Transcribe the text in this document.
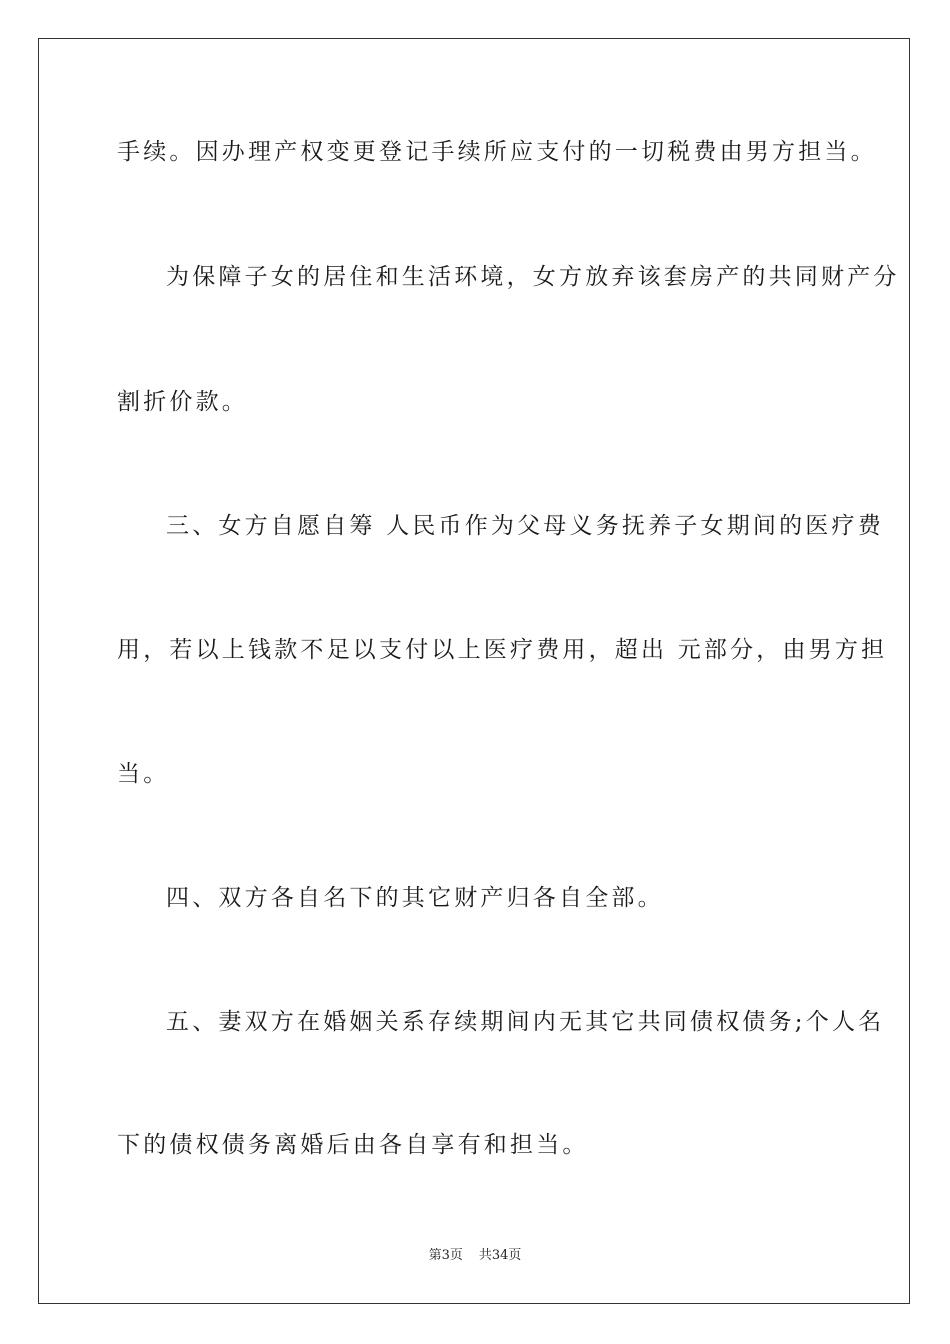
手续。因办理产权变更登记手续所应支付的一切税费由男方担当。
为保障子女的居住和生活环境，女方放弃该套房产的共同财产分
割折价款。
三、女方自愿自筹 人民币作为父母义务抚养子女期间的医疗费
用，若以上钱款不足以支付以上医疗费用，超出 元部分，由男方担
当。
四、双方各自名下的其它财产归各自全部。
五、妻双方在婚姻关系存续期间内无其它共同债权债务;个人名
下的债权债务离婚后由各自享有和担当。
第3页 共34页
